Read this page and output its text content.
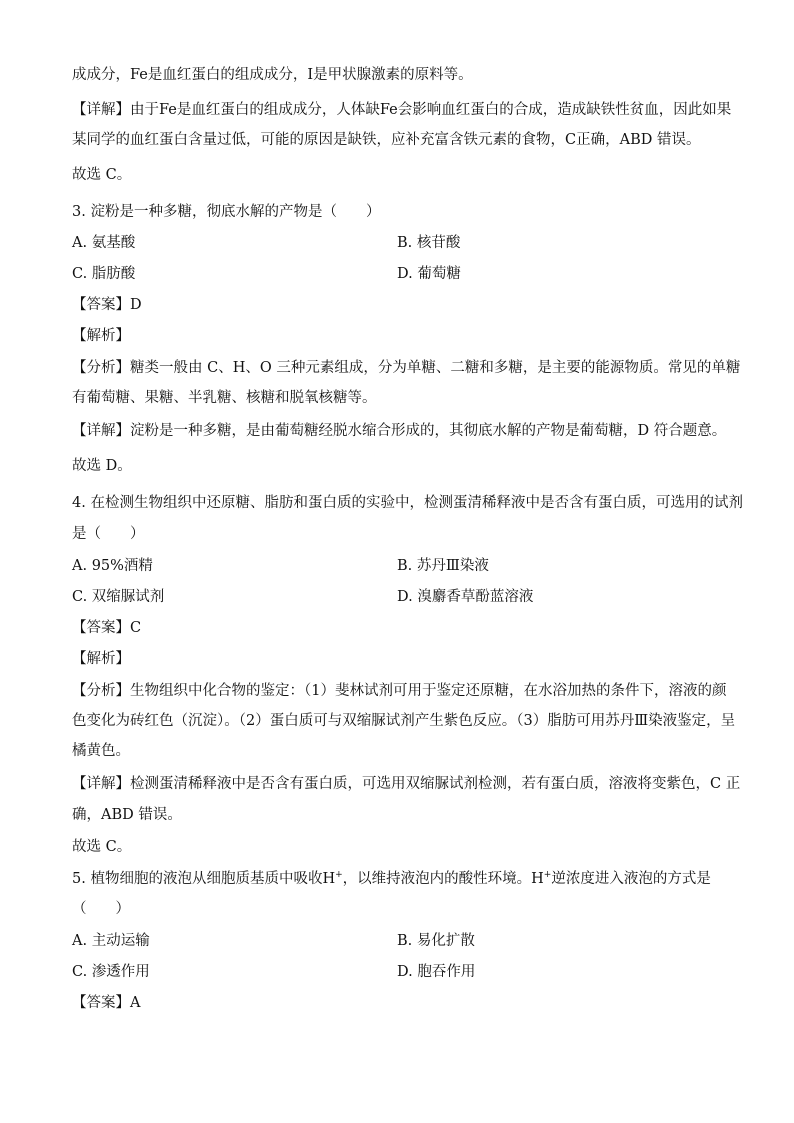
成成分，Fe是血红蛋白的组成成分，I是甲状腺激素的原料等。
【详解】由于Fe是血红蛋白的组成成分，人体缺Fe会影响血红蛋白的合成，造成缺铁性贫血，因此如果
某同学的血红蛋白含量过低，可能的原因是缺铁，应补充富含铁元素的食物，C正确，ABD 错误。
故选 C。
3. 淀粉是一种多糖，彻底水解的产物是（　　）
A. 氨基酸	B. 核苷酸
C. 脂肪酸	D. 葡萄糖
【答案】D
【解析】
【分析】糖类一般由 C、H、O 三种元素组成，分为单糖、二糖和多糖，是主要的能源物质。常见的单糖
有葡萄糖、果糖、半乳糖、核糖和脱氧核糖等。
【详解】淀粉是一种多糖，是由葡萄糖经脱水缩合形成的，其彻底水解的产物是葡萄糖，D 符合题意。
故选 D。
4. 在检测生物组织中还原糖、脂肪和蛋白质的实验中，检测蛋清稀释液中是否含有蛋白质，可选用的试剂
是（　　）
A. 95%酒精	B. 苏丹Ⅲ染液
C. 双缩脲试剂	D. 溴麝香草酚蓝溶液
【答案】C
【解析】
【分析】生物组织中化合物的鉴定：（1）斐林试剂可用于鉴定还原糖，在水浴加热的条件下，溶液的颜
色变化为砖红色（沉淀）。（2）蛋白质可与双缩脲试剂产生紫色反应。（3）脂肪可用苏丹Ⅲ染液鉴定，呈
橘黄色。
【详解】检测蛋清稀释液中是否含有蛋白质，可选用双缩脲试剂检测，若有蛋白质，溶液将变紫色，C 正
确，ABD 错误。
故选 C。
5. 植物细胞的液泡从细胞质基质中吸收H+，以维持液泡内的酸性环境。H+逆浓度进入液泡的方式是
（　　）
A. 主动运输	B. 易化扩散
C. 渗透作用	D. 胞吞作用
【答案】A
